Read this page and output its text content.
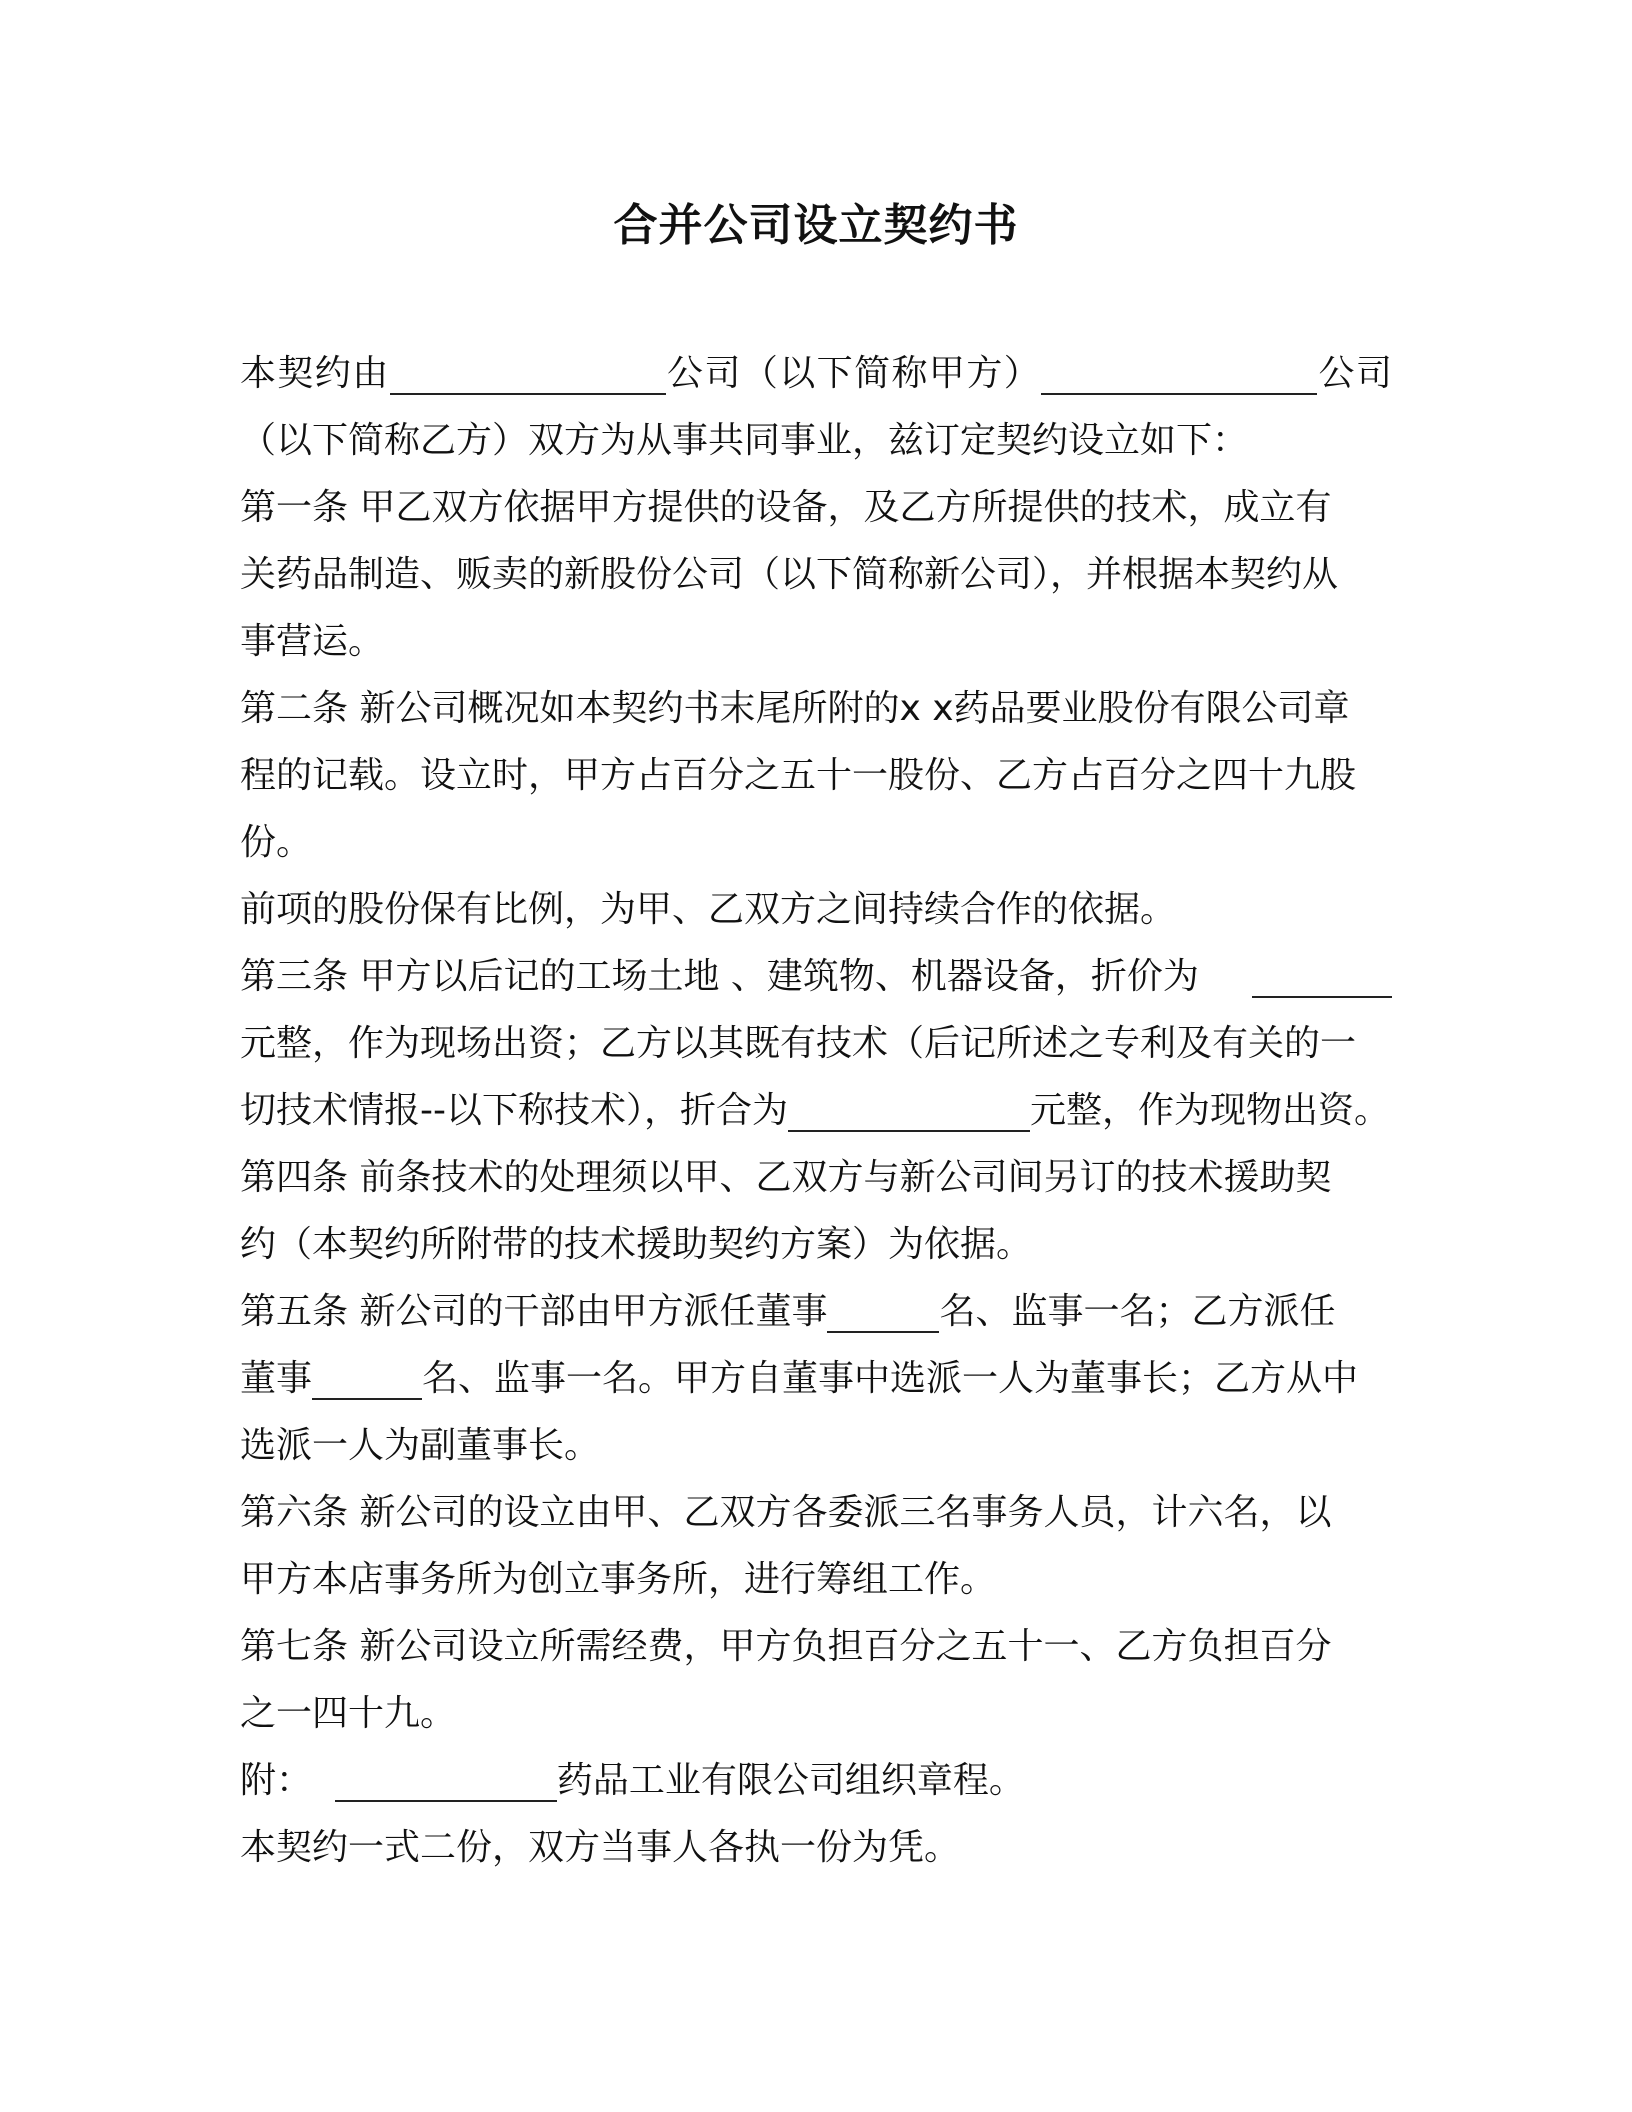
合并公司设立契约书
本契约由	公司（以下简称甲方）	公司
（以下简称乙方）双方为从事共同事业，兹订定契约设立如下：
第一条 甲乙双方依据甲方提供的设备，及乙方所提供的技术，成立有
关药品制造、贩卖的新股份公司（以下简称新公司），并根据本契约从
事营运。
第二条 新公司概况如本契约书末尾所附的x x药品要业股份有限公司章
程的记载。设立时，甲方占百分之五十一股份、乙方占百分之四十九股
份。
前项的股份保有比例，为甲、乙双方之间持续合作的依据。
第三条 甲方以后记的工场土地 、建筑物、机器设备，折价为
元整，作为现场出资；乙方以其既有技术（后记所述之专利及有关的一
切技术情报--以下称技术），折合为	元整，作为现物出资。
第四条 前条技术的处理须以甲、乙双方与新公司间另订的技术援助契
约（本契约所附带的技术援助契约方案）为依据。
第五条 新公司的干部由甲方派任董事	名、监事一名；乙方派任
董事	名、监事一名。甲方自董事中选派一人为董事长；乙方从中
选派一人为副董事长。
第六条 新公司的设立由甲、乙双方各委派三名事务人员，计六名，以
甲方本店事务所为创立事务所，进行筹组工作。
第七条 新公司设立所需经费，甲方负担百分之五十一、乙方负担百分
之一四十九。
附：	药品工业有限公司组织章程。
本契约一式二份，双方当事人各执一份为凭。
